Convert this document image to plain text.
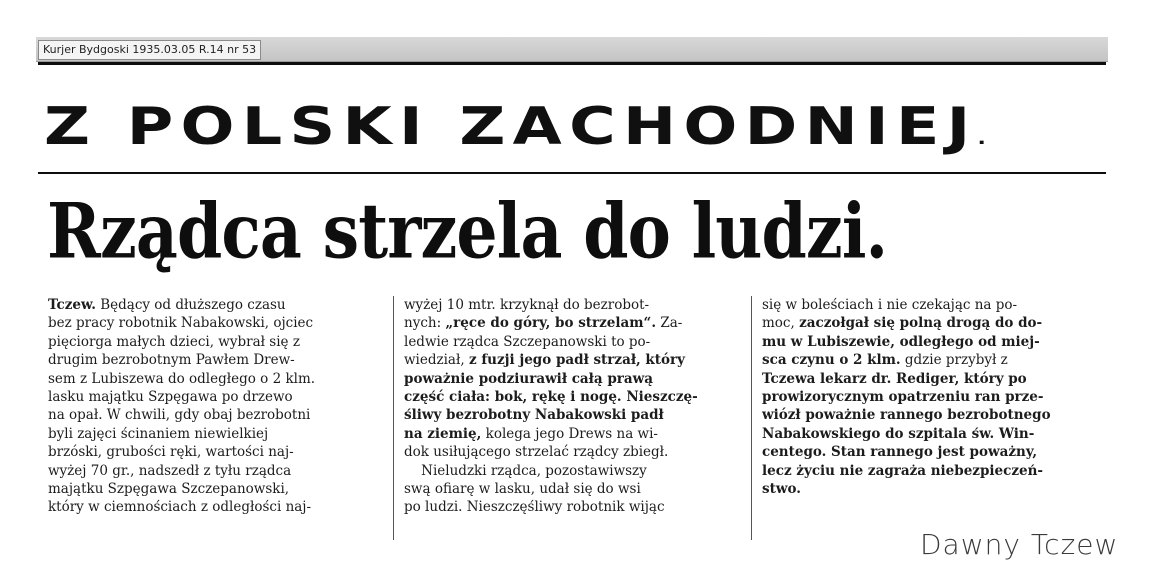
Kurjer Bydgoski 1935.03.05 R.14 nr 53
Z POLSKI ZACHODNIEJ.
Rządca strzela do ludzi.

Tczew. Będący od dłuższego czasu

bez pracy robotnik Nabakowski, ojciec

pięciorga małych dzieci, wybrał się z

drugim bezrobotnym Pawłem Drew-

sem z Lubiszewa do odległego o 2 klm.

lasku majątku Szpęgawa po drzewo

na opał. W chwili, gdy obaj bezrobotni

byli zajęci ścinaniem niewielkiej

brzóski, grubości ręki, wartości naj-

wyżej 70 gr., nadszedł z tyłu rządca

majątku Szpęgawa Szczepanowski,

który w ciemnościach z odległości naj-

wyżej 10 mtr. krzyknął do bezrobot-

nych: „ręce do góry, bo strzelam“. Za-

ledwie rządca Szczepanowski to po-

wiedział, z fuzji jego padł strzał, który

poważnie podziurawił całą prawą

część ciała: bok, rękę i nogę. Nieszczę-

śliwy bezrobotny Nabakowski padł

na ziemię, kolega jego Drews na wi-

dok usiłującego strzelać rządcy zbiegł.

Nieludzki rządca, pozostawiwszy

swą ofiarę w lasku, udał się do wsi

po ludzi. Nieszczęśliwy robotnik wijąc

się w boleściach i nie czekając na po-

moc, zaczołgał się polną drogą do do-

mu w Lubiszewie, odległego od miej-

sca czynu o 2 klm. gdzie przybył z

Tczewa lekarz dr. Rediger, który po

prowizorycznym opatrzeniu ran prze-

wiózł poważnie rannego bezrobotnego

Nabakowskiego do szpitala św. Win-

centego. Stan rannego jest poważny,

lecz życiu nie zagraża niebezpieczeń-

stwo.

Dawny Tczew
